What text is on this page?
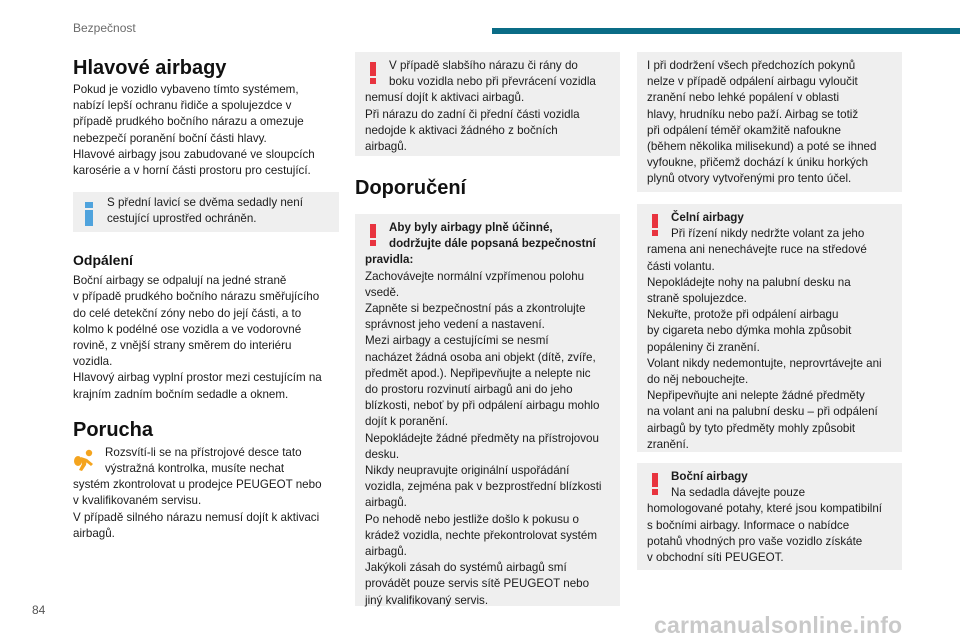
Bezpečnost
Hlavové airbagy
Pokud je vozidlo vybaveno tímto systémem,
nabízí lepší ochranu řidiče a spolujezdce v
případě prudkého bočního nárazu a omezuje
nebezpečí poranění boční části hlavy.
Hlavové airbagy jsou zabudované ve sloupcích
karosérie a v horní části prostoru pro cestující.
S přední lavicí se dvěma sedadly není
cestující uprostřed ochráněn.
Odpálení
Boční airbagy se odpalují na jedné straně
v případě prudkého bočního nárazu směřujícího
do celé detekční zóny nebo do její části, a to
kolmo k podélné ose vozidla a ve vodorovné
rovině, z vnější strany směrem do interiéru
vozidla.
Hlavový airbag vyplní prostor mezi cestujícím na
krajním zadním bočním sedadle a oknem.
Porucha
Rozsvítí-li se na přístrojové desce tato
výstražná kontrolka, musíte nechat
systém zkontrolovat u prodejce PEUGEOT nebo
v kvalifikovaném servisu.
V případě silného nárazu nemusí dojít k aktivaci
airbagů.
V případě slabšího nárazu či rány do
boku vozidla nebo při převrácení vozidla
nemusí dojít k aktivaci airbagů.
Při nárazu do zadní či přední části vozidla
nedojde k aktivaci žádného z bočních
airbagů.
Doporučení
Aby byly airbagy plně účinné,
dodržujte dále popsaná bezpečnostní
pravidla:
Zachovávejte normální vzpřímenou polohu
vsedě.
Zapněte si bezpečnostní pás a zkontrolujte
správnost jeho vedení a nastavení.
Mezi airbagy a cestujícími se nesmí
nacházet žádná osoba ani objekt (dítě, zvíře,
předmět apod.). Nepřipevňujte a nelepte nic
do prostoru rozvinutí airbagů ani do jeho
blízkosti, neboť by při odpálení airbagu mohlo
dojít k poranění.
Nepokládejte žádné předměty na přístrojovou
desku.
Nikdy neupravujte originální uspořádání
vozidla, zejména pak v bezprostřední blízkosti
airbagů.
Po nehodě nebo jestliže došlo k pokusu o
krádež vozidla, nechte překontrolovat systém
airbagů.
Jakýkoli zásah do systémů airbagů smí
provádět pouze servis sítě PEUGEOT nebo
jiný kvalifikovaný servis.
I při dodržení všech předchozích pokynů
nelze v případě odpálení airbagu vyloučit
zranění nebo lehké popálení v oblasti
hlavy, hrudníku nebo paží. Airbag se totiž
při odpálení téměř okamžitě nafoukne
(během několika milisekund) a poté se ihned
vyfoukne, přičemž dochází k úniku horkých
plynů otvory vytvořenými pro tento účel.
Čelní airbagy
Při řízení nikdy nedržte volant za jeho
ramena ani nenechávejte ruce na středové
části volantu.
Nepokládejte nohy na palubní desku na
straně spolujezdce.
Nekuřte, protože při odpálení airbagu
by cigareta nebo dýmka mohla způsobit
popáleniny či zranění.
Volant nikdy nedemontujte, neprovrtávejte ani
do něj nebouchejte.
Nepřipevňujte ani nelepte žádné předměty
na volant ani na palubní desku – při odpálení
airbagů by tyto předměty mohly způsobit
zranění.
Boční airbagy
Na sedadla dávejte pouze
homologované potahy, které jsou kompatibilní
s bočními airbagy. Informace o nabídce
potahů vhodných pro vaše vozidlo získáte
v obchodní síti PEUGEOT.
84
carmanualsonline.info
